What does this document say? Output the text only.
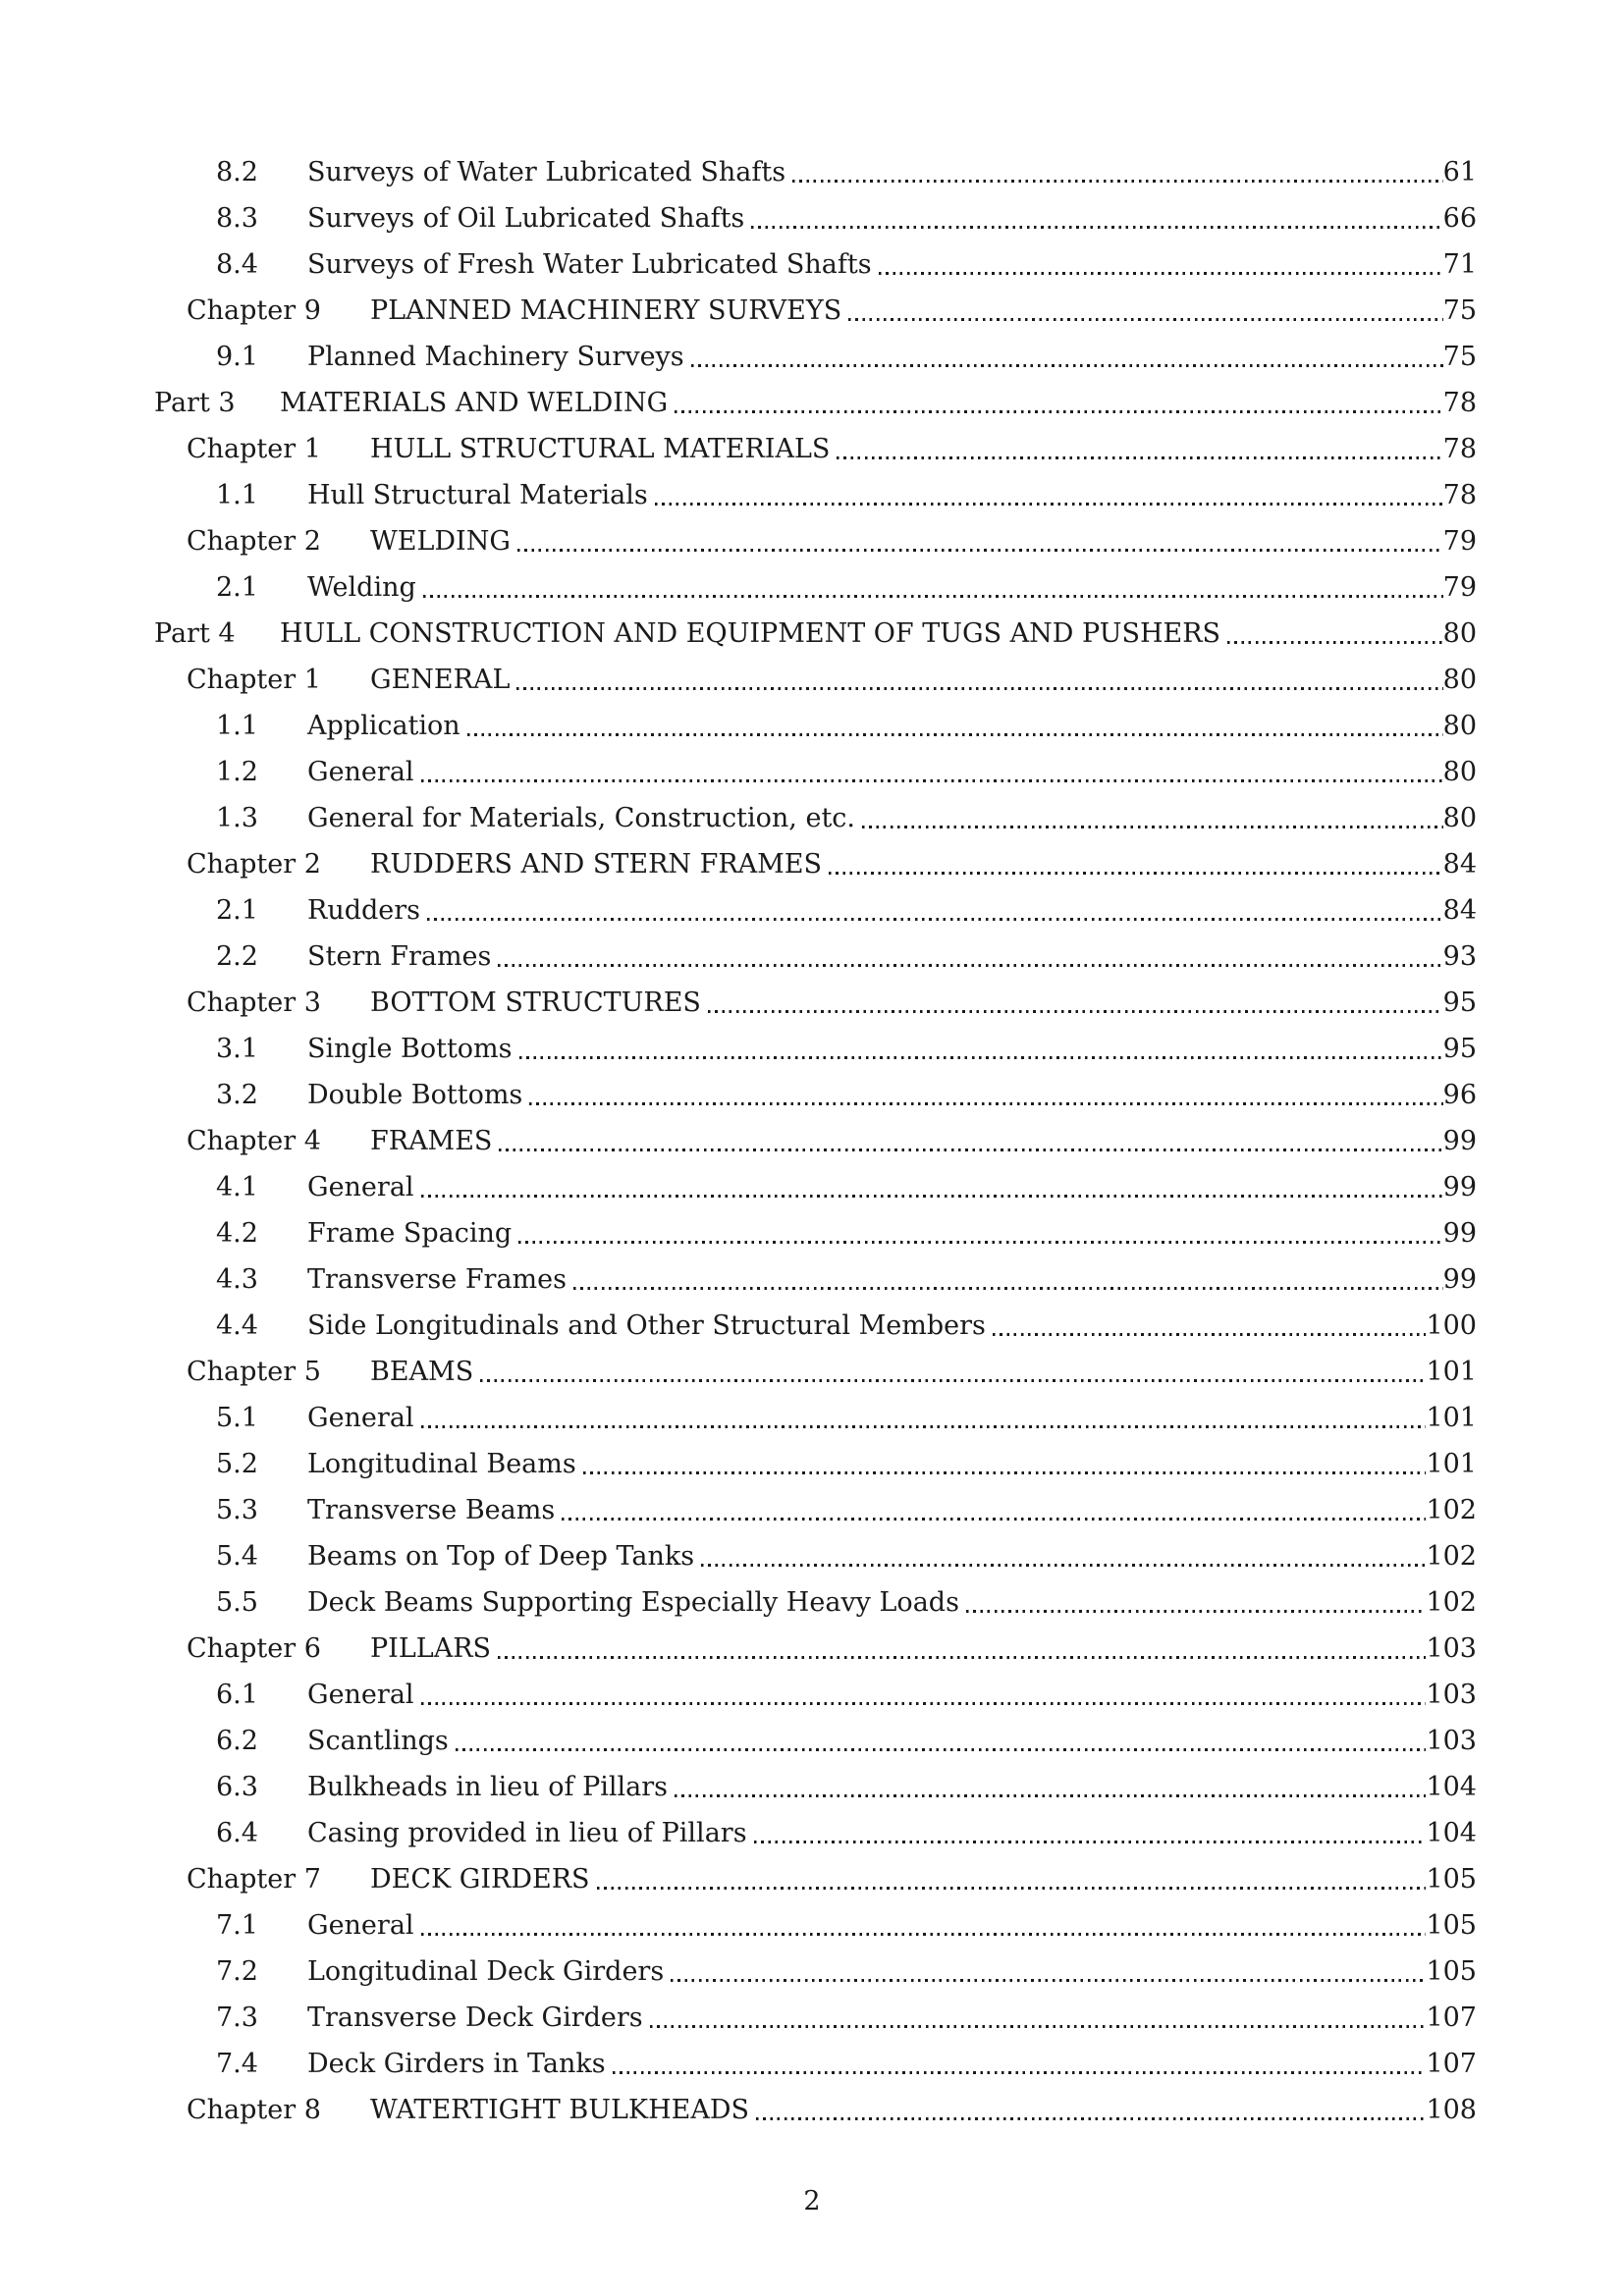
8.2	Surveys of Water Lubricated Shafts	61
8.3	Surveys of Oil Lubricated Shafts	66
8.4	Surveys of Fresh Water Lubricated Shafts	71
Chapter 9	PLANNED MACHINERY SURVEYS	75
9.1	Planned Machinery Surveys	75
Part 3	MATERIALS AND WELDING	78
Chapter 1	HULL STRUCTURAL MATERIALS	78
1.1	Hull Structural Materials	78
Chapter 2	WELDING	79
2.1	Welding	79
Part 4	HULL CONSTRUCTION AND EQUIPMENT OF TUGS AND PUSHERS	80
Chapter 1	GENERAL	80
1.1	Application	80
1.2	General	80
1.3	General for Materials, Construction, etc.	80
Chapter 2	RUDDERS AND STERN FRAMES	84
2.1	Rudders	84
2.2	Stern Frames	93
Chapter 3	BOTTOM STRUCTURES	95
3.1	Single Bottoms	95
3.2	Double Bottoms	96
Chapter 4	FRAMES	99
4.1	General	99
4.2	Frame Spacing	99
4.3	Transverse Frames	99
4.4	Side Longitudinals and Other Structural Members	100
Chapter 5	BEAMS	101
5.1	General	101
5.2	Longitudinal Beams	101
5.3	Transverse Beams	102
5.4	Beams on Top of Deep Tanks	102
5.5	Deck Beams Supporting Especially Heavy Loads	102
Chapter 6	PILLARS	103
6.1	General	103
6.2	Scantlings	103
6.3	Bulkheads in lieu of Pillars	104
6.4	Casing provided in lieu of Pillars	104
Chapter 7	DECK GIRDERS	105
7.1	General	105
7.2	Longitudinal Deck Girders	105
7.3	Transverse Deck Girders	107
7.4	Deck Girders in Tanks	107
Chapter 8	WATERTIGHT BULKHEADS	108
2
